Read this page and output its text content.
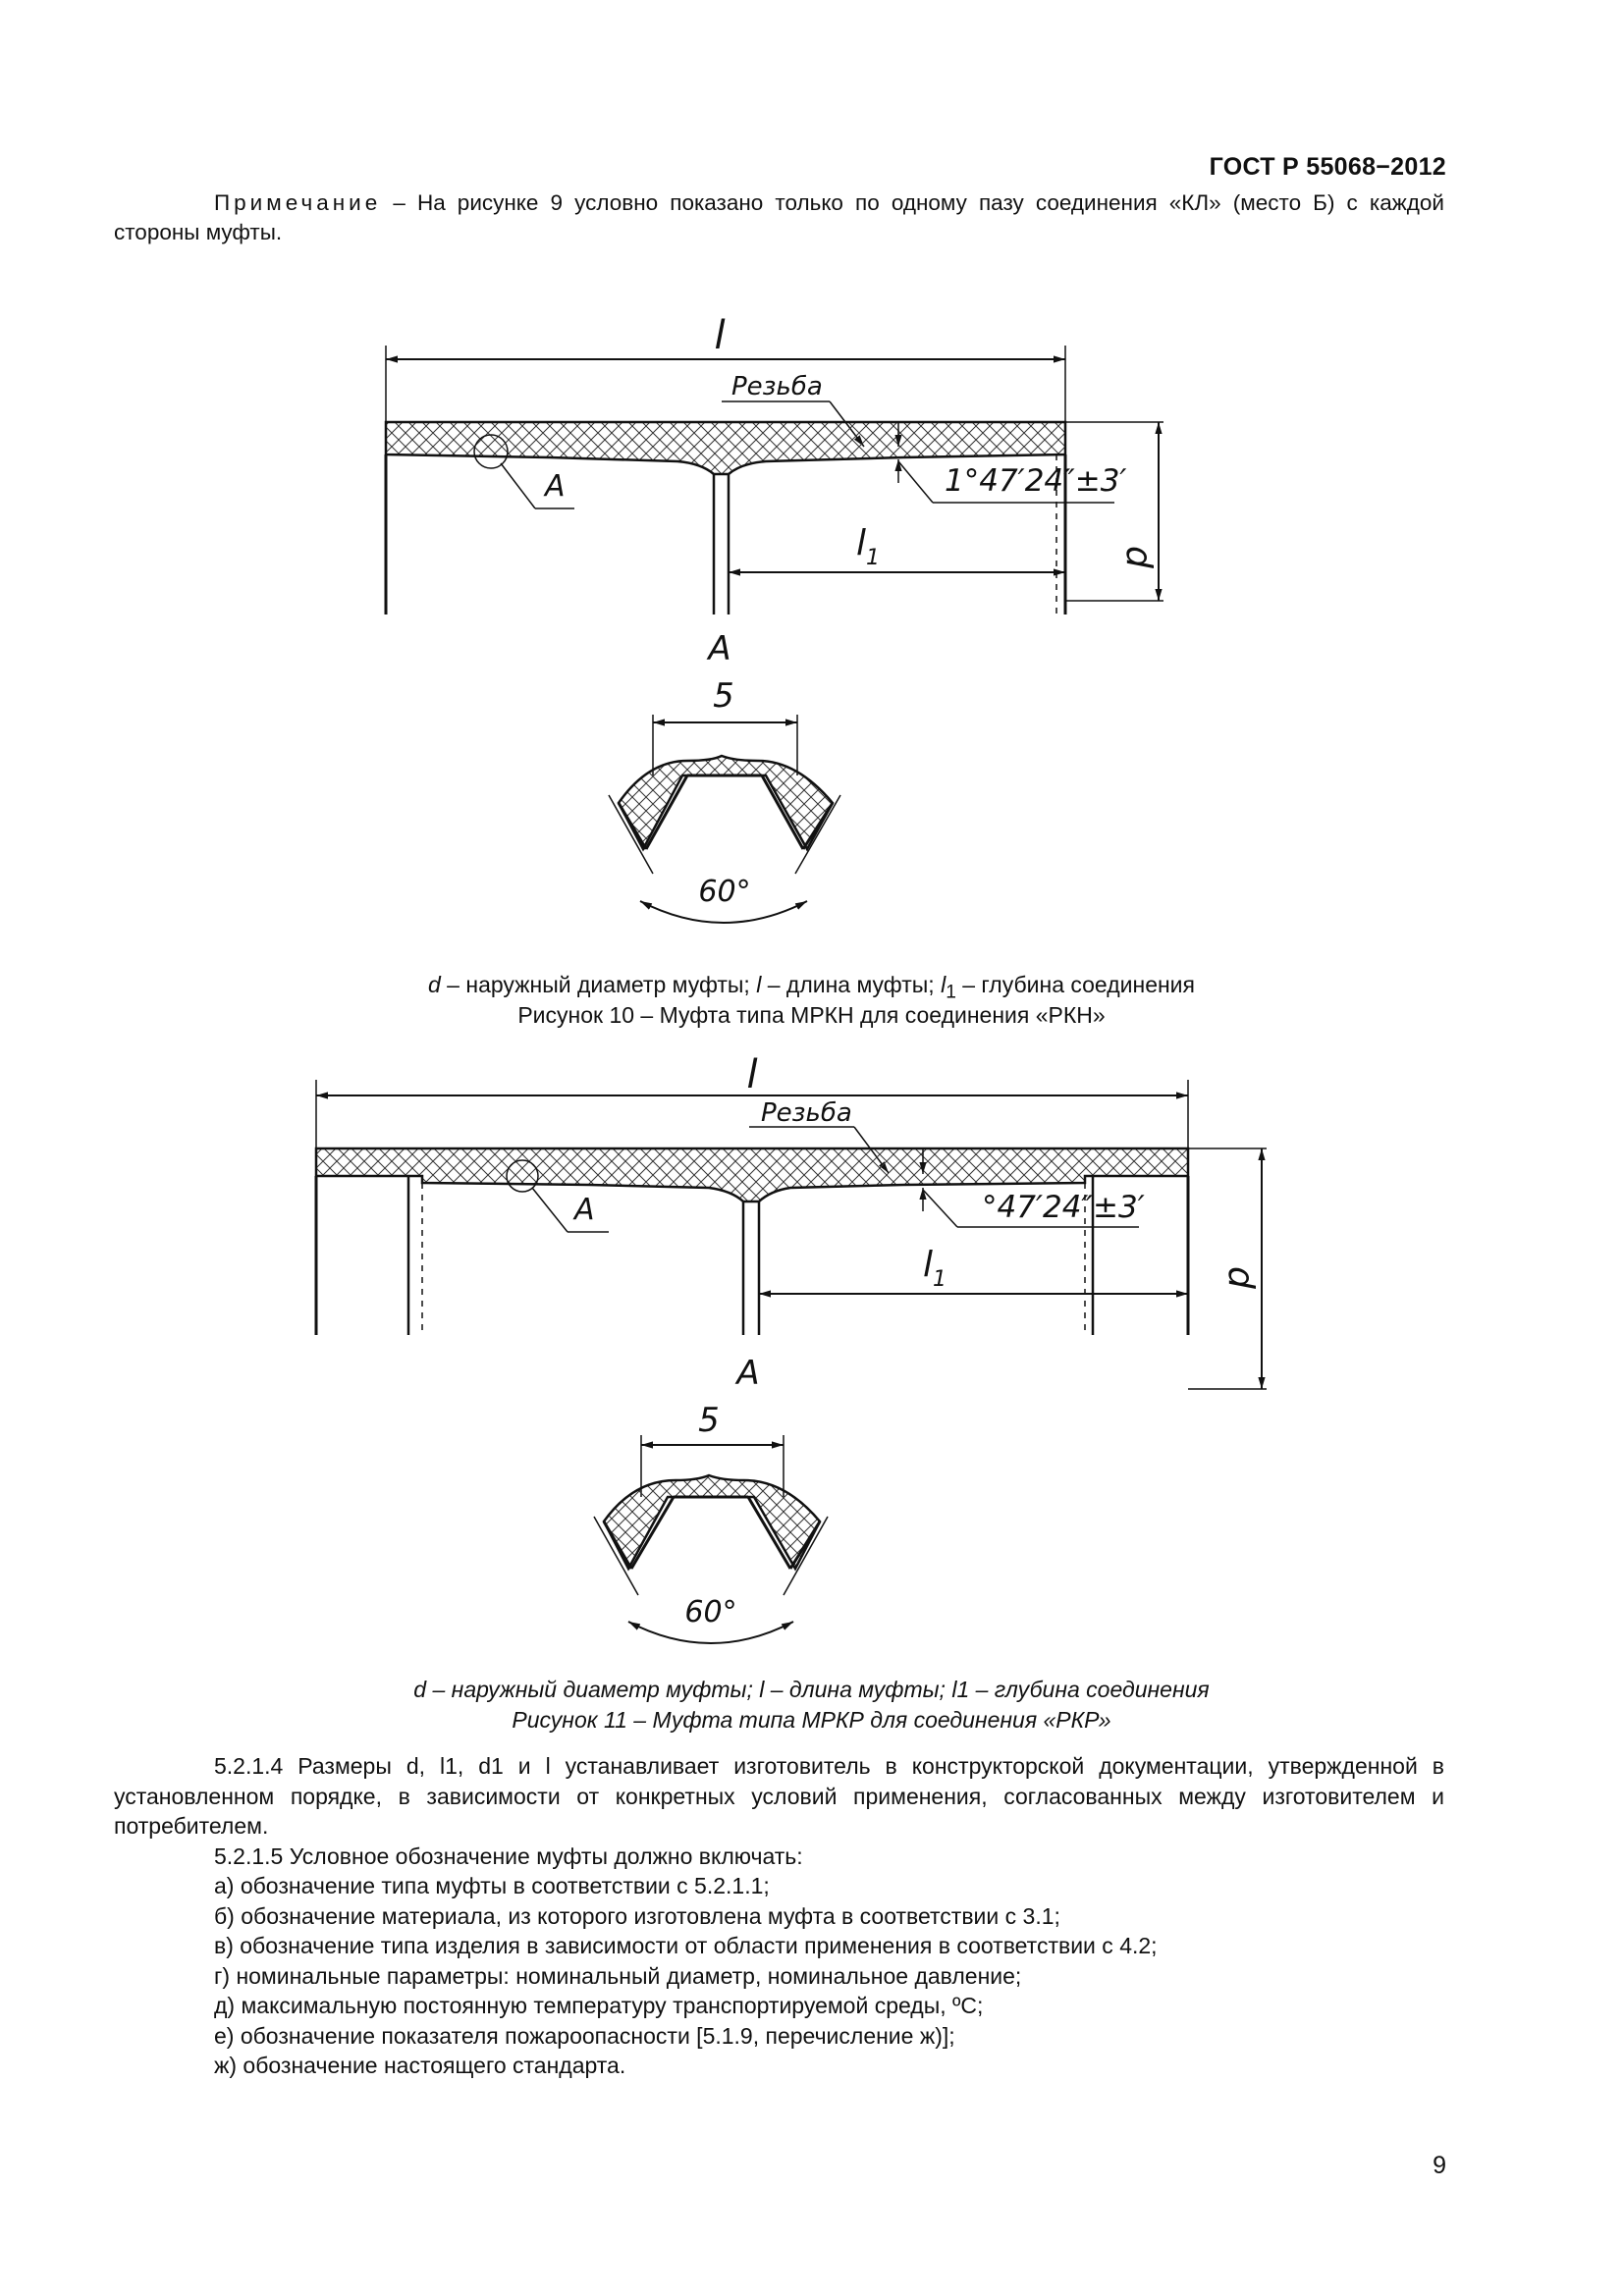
ГОСТ Р 55068−2012
Примечание – На рисунке 9 условно показано только по одному пазу соединения «КЛ» (место Б) с каждой стороны муфты.
l
Резьба
A	1°47′24″±3′
$l_1$	d
A
5
60°
d – наружный диаметр муфты; l – длина муфты; $l_1$ – глубина соединения
Рисунок 10 – Муфта типа МРКН для соединения «РКН»
l
Резьба
A	°47′24″±3′
$l_1$	d
A
5
60°
d – наружный диаметр муфты; l – длина муфты; l1 – глубина соединения
Рисунок 11 – Муфта типа МРКР для соединения «РКР»

5.2.1.4 Размеры d, l1, d1 и l устанавливает изготовитель в конструкторской документации, утвержденной в установленном порядке, в зависимости от конкретных условий применения, согласованных между изготовителем и потребителем.

5.2.1.5 Условное обозначение муфты должно включать:

а) обозначение типа муфты в соответствии с 5.2.1.1;

б) обозначение материала, из которого изготовлена муфта в соответствии с 3.1;

в) обозначение типа изделия в зависимости от области применения в соответствии с 4.2;

г) номинальные параметры: номинальный диаметр, номинальное давление;

д) максимальную постоянную температуру транспортируемой среды, ºС;

е) обозначение показателя пожароопасности [5.1.9, перечисление ж)];

ж) обозначение настоящего стандарта.

9
